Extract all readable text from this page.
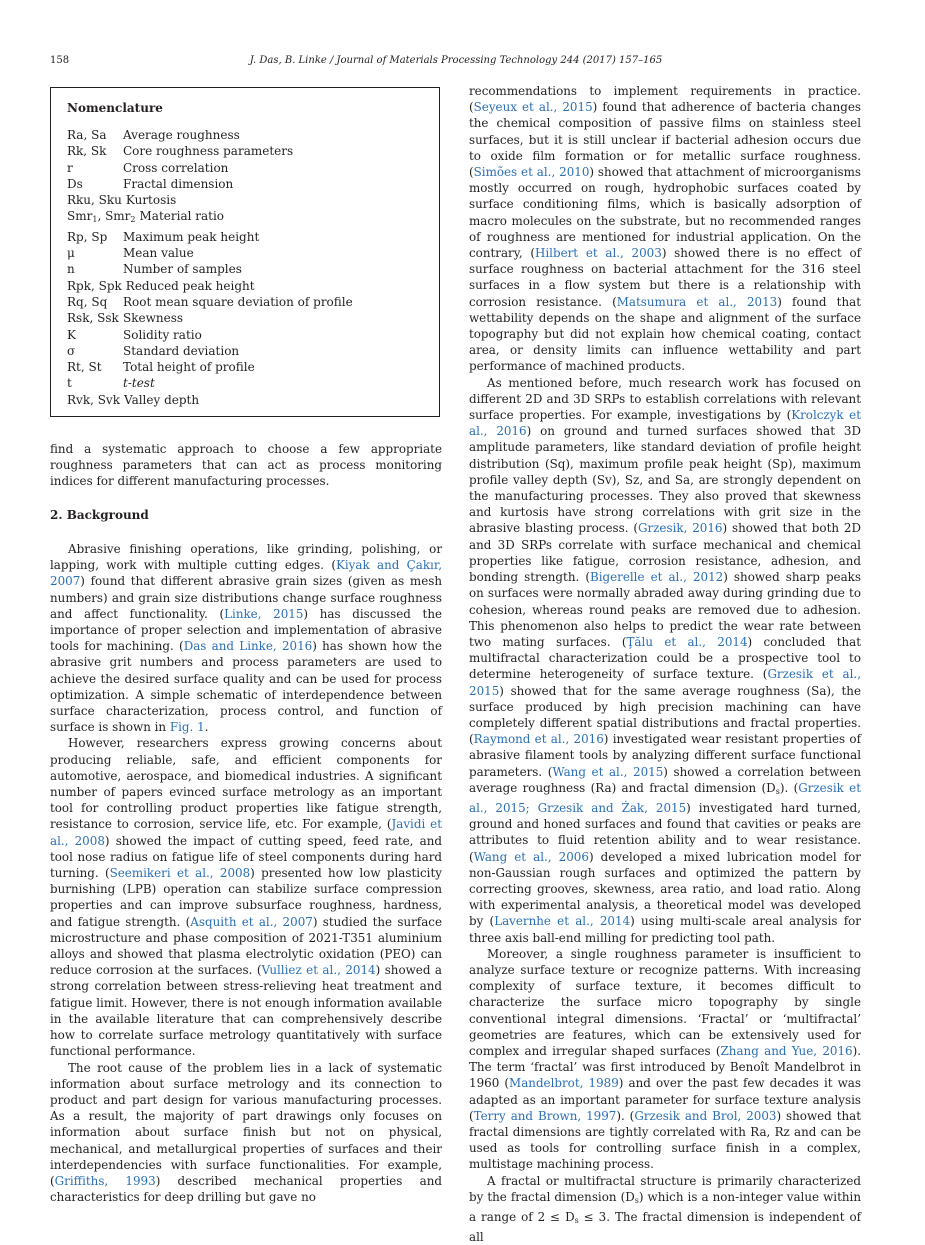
158	J. Das, B. Linke / Journal of Materials Processing Technology 244 (2017) 157–165
Nomenclature
Ra, Sa	Average roughness
Rk, Sk	Core roughness parameters
r	Cross correlation
Ds	Fractal dimension
Rku, Sku Kurtosis
Smr$_1$, Smr$_2$ Material ratio
Rp, Sp	Maximum peak height
μ	Mean value
n	Number of samples
Rpk, Spk Reduced peak height
Rq, Sq	Root mean square deviation of profile
Rsk, Ssk Skewness
K	Solidity ratio
σ	Standard deviation
Rt, St	Total height of profile
t	t-test
Rvk, Svk Valley depth

find a systematic approach to choose a few appropriate roughness parameters that can act as process monitoring indices for different manufacturing processes.

2. Background

Abrasive finishing operations, like grinding, polishing, or lapping, work with multiple cutting edges. (Kiyak and Çakır, 2007) found that different abrasive grain sizes (given as mesh numbers) and grain size distributions change surface roughness and affect functionality. (Linke, 2015) has discussed the importance of proper selection and implementation of abrasive tools for machining. (Das and Linke, 2016) has shown how the abrasive grit numbers and process parameters are used to achieve the desired surface quality and can be used for process optimization. A simple schematic of interdependence between surface characterization, process control, and function of surface is shown in Fig. 1.

However, researchers express growing concerns about producing reliable, safe, and efficient components for automotive, aerospace, and biomedical industries. A significant number of papers evinced surface metrology as an important tool for controlling product properties like fatigue strength, resistance to corrosion, service life, etc. For example, (Javidi et al., 2008) showed the impact of cutting speed, feed rate, and tool nose radius on fatigue life of steel components during hard turning. (Seemikeri et al., 2008) presented how low plasticity burnishing (LPB) operation can stabilize surface compression properties and can improve subsurface roughness, hardness, and fatigue strength. (Asquith et al., 2007) studied the surface microstructure and phase composition of 2021-T351 aluminium alloys and showed that plasma electrolytic oxidation (PEO) can reduce corrosion at the surfaces. (Vulliez et al., 2014) showed a strong correlation between stress-relieving heat treatment and fatigue limit. However, there is not enough information available in the available literature that can comprehensively describe how to correlate surface metrology quantitatively with surface functional performance.

The root cause of the problem lies in a lack of systematic information about surface metrology and its connection to product and part design for various manufacturing processes. As a result, the majority of part drawings only focuses on information about surface finish but not on physical, mechanical, and metallurgical properties of surfaces and their interdependencies with surface functionalities. For example, (Griffiths, 1993) described mechanical properties and characteristics for deep drilling but gave no

recommendations to implement requirements in practice. (Seyeux et al., 2015) found that adherence of bacteria changes the chemical composition of passive films on stainless steel surfaces, but it is still unclear if bacterial adhesion occurs due to oxide film formation or for metallic surface roughness. (Simões et al., 2010) showed that attachment of microorganisms mostly occurred on rough, hydrophobic surfaces coated by surface conditioning films, which is basically adsorption of macro molecules on the substrate, but no recommended ranges of roughness are mentioned for industrial application. On the contrary, (Hilbert et al., 2003) showed there is no effect of surface roughness on bacterial attachment for the 316 steel surfaces in a flow system but there is a relationship with corrosion resistance. (Matsumura et al., 2013) found that wettability depends on the shape and alignment of the surface topography but did not explain how chemical coating, contact area, or density limits can influence wettability and part performance of machined products.

As mentioned before, much research work has focused on different 2D and 3D SRPs to establish correlations with relevant surface properties. For example, investigations by (Krolczyk et al., 2016) on ground and turned surfaces showed that 3D amplitude parameters, like standard deviation of profile height distribution (Sq), maximum profile peak height (Sp), maximum profile valley depth (Sv), Sz, and Sa, are strongly dependent on the manufacturing processes. They also proved that skewness and kurtosis have strong correlations with grit size in the abrasive blasting process. (Grzesik, 2016) showed that both 2D and 3D SRPs correlate with surface mechanical and chemical properties like fatigue, corrosion resistance, adhesion, and bonding strength. (Bigerelle et al., 2012) showed sharp peaks on surfaces were normally abraded away during grinding due to cohesion, whereas round peaks are removed due to adhesion. This phenomenon also helps to predict the wear rate between two mating surfaces. (Ţălu et al., 2014) concluded that multifractal characterization could be a prospective tool to determine heterogeneity of surface texture. (Grzesik et al., 2015) showed that for the same average roughness (Sa), the surface produced by high precision machining can have completely different spatial distributions and fractal properties. (Raymond et al., 2016) investigated wear resistant properties of abrasive filament tools by analyzing different surface functional parameters. (Wang et al., 2015) showed a correlation between average roughness (Ra) and fractal dimension $(D_s)$. (Grzesik et al., 2015; Grzesik and Żak, 2015) investigated hard turned, ground and honed surfaces and found that cavities or peaks are attributes to fluid retention ability and to wear resistance. (Wang et al., 2006) developed a mixed lubrication model for non-Gaussian rough surfaces and optimized the pattern by correcting grooves, skewness, area ratio, and load ratio. Along with experimental analysis, a theoretical model was developed by (Lavernhe et al., 2014) using multi-scale areal analysis for three axis ball-end milling for predicting tool path.

Moreover, a single roughness parameter is insufficient to analyze surface texture or recognize patterns. With increasing complexity of surface texture, it becomes difficult to characterize the surface micro topography by single conventional integral dimensions. ‘Fractal’ or ‘multifractal’ geometries are features, which can be extensively used for complex and irregular shaped surfaces (Zhang and Yue, 2016). The term ‘fractal’ was first introduced by Benoît Mandelbrot in 1960 (Mandelbrot, 1989) and over the past few decades it was adapted as an important parameter for surface texture analysis (Terry and Brown, 1997). (Grzesik and Brol, 2003) showed that fractal dimensions are tightly correlated with Ra, Rz and can be used as tools for controlling surface finish in a complex, multistage machining process.

A fractal or multifractal structure is primarily characterized by the fractal dimension $(D_s)$ which is a non-integer value within a range of $2 \le D_s \le 3$. The fractal dimension is independent of all
